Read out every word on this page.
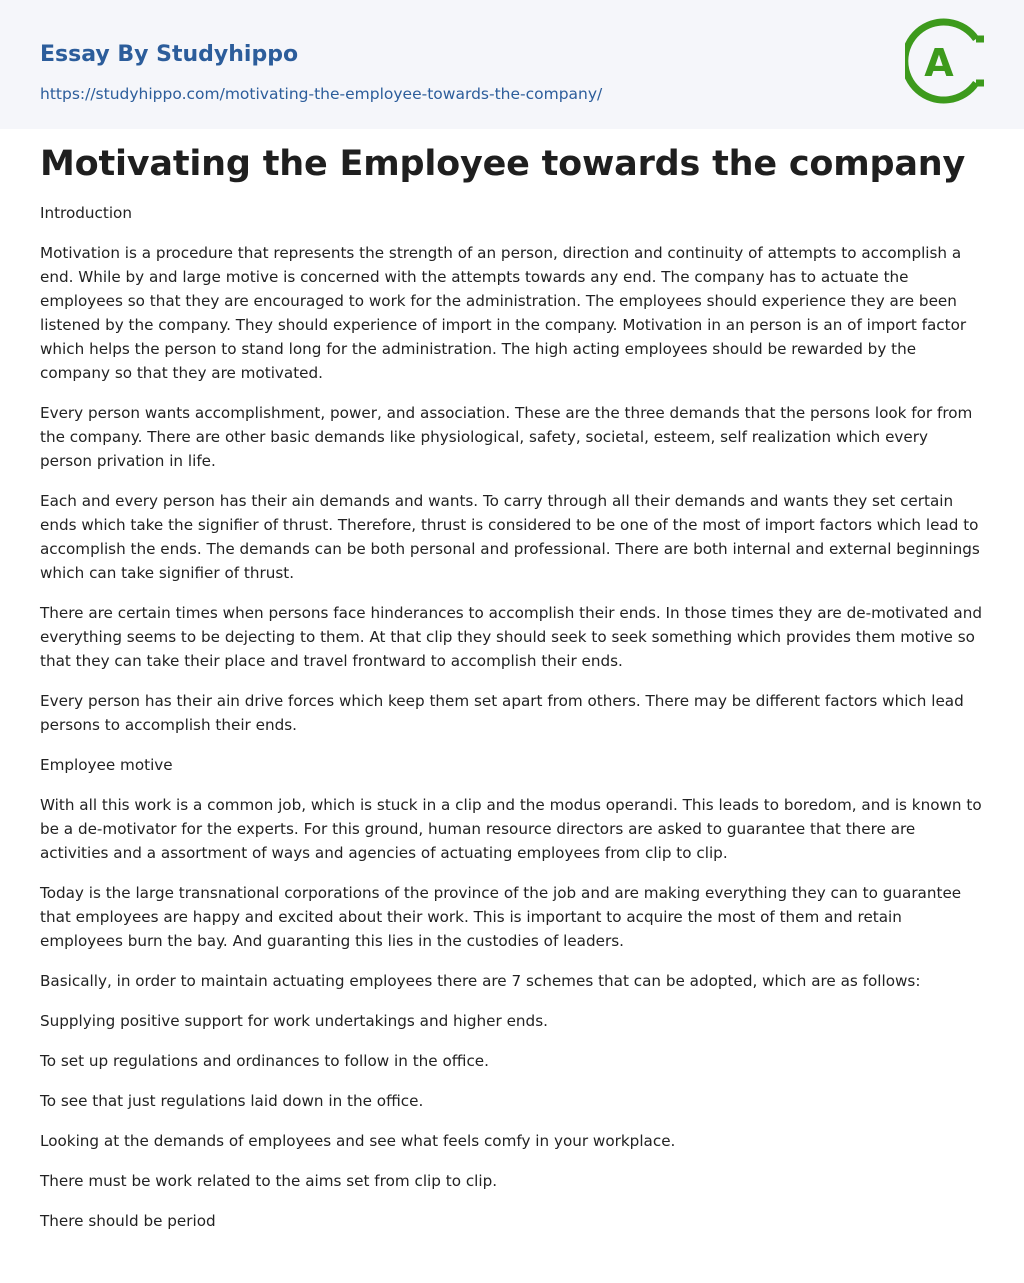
Essay By Studyhippo
https://studyhippo.com/motivating-the-employee-towards-the-company/
A
Motivating the Employee towards the company

Introduction

Motivation is a procedure that represents the strength of an person, direction and continuity of attempts to accomplish a end. While by and large motive is concerned with the attempts towards any end. The company has to actuate the employees so that they are encouraged to work for the administration. The employees should experience they are been listened by the company. They should experience of import in the company. Motivation in an person is an of import factor which helps the person to stand long for the administration. The high acting employees should be rewarded by the company so that they are motivated.

Every person wants accomplishment, power, and association. These are the three demands that the persons look for from the company. There are other basic demands like physiological, safety, societal, esteem, self realization which every person privation in life.

Each and every person has their ain demands and wants. To carry through all their demands and wants they set certain ends which take the signifier of thrust. Therefore, thrust is considered to be one of the most of import factors which lead to accomplish the ends. The demands can be both personal and professional. There are both internal and external beginnings which can take signifier of thrust.

There are certain times when persons face hinderances to accomplish their ends. In those times they are de-motivated and everything seems to be dejecting to them. At that clip they should seek to seek something which provides them motive so that they can take their place and travel frontward to accomplish their ends.

Every person has their ain drive forces which keep them set apart from others. There may be different factors which lead persons to accomplish their ends.

Employee motive

With all this work is a common job, which is stuck in a clip and the modus operandi. This leads to boredom, and is known to be a de-motivator for the experts. For this ground, human resource directors are asked to guarantee that there are activities and a assortment of ways and agencies of actuating employees from clip to clip.

Today is the large transnational corporations of the province of the job and are making everything they can to guarantee that employees are happy and excited about their work. This is important to acquire the most of them and retain employees burn the bay. And guaranting this lies in the custodies of leaders.

Basically, in order to maintain actuating employees there are 7 schemes that can be adopted, which are as follows:

Supplying positive support for work undertakings and higher ends.

To set up regulations and ordinances to follow in the office.

To see that just regulations laid down in the office.

Looking at the demands of employees and see what feels comfy in your workplace.

There must be work related to the aims set from clip to clip.

There should be period
